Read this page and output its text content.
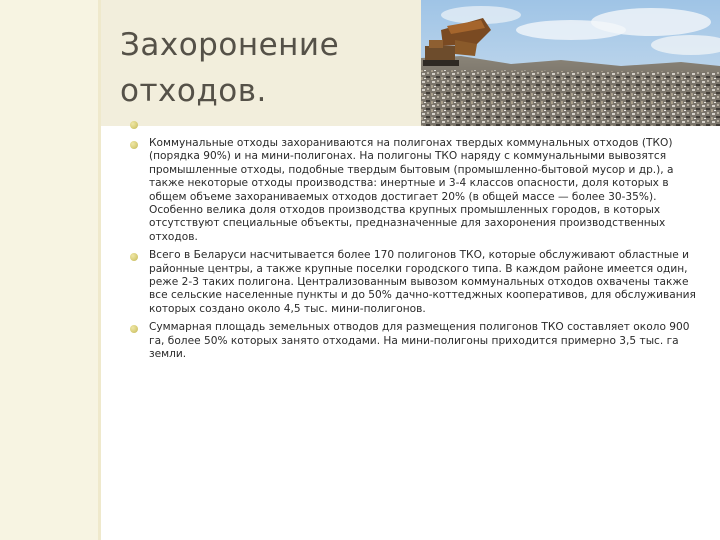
Захоронение
отходов.
Коммунальные отходы захораниваются на полигонах твердых коммунальных отходов (ТКО) (порядка 90%) и на мини-полигонах. На полигоны ТКО наряду с коммунальными вывозятся промышленные отходы, подобные твердым бытовым (промышленно-бытовой мусор и др.), а также некоторые отходы производства: инертные и 3-4 классов опасности, доля которых в общем объеме захораниваемых отходов достигает 20% (в общей массе — более 30-35%). Особенно велика доля отходов производства крупных промышленных городов, в которых отсутствуют специальные объекты, предназначенные для захоронения производственных отходов.
Всего в Беларуси насчитывается более 170 полигонов ТКО, которые обслуживают областные и районные центры, а также крупные поселки городского типа. В каждом районе имеется один, реже 2-3 таких полигона. Централизованным вывозом коммунальных отходов охвачены также все сельские населенные пункты и до 50% дачно-коттеджных кооперативов, для обслуживания которых создано около 4,5 тыс. мини-полигонов.
Суммарная площадь земельных отводов для размещения полигонов ТКО составляет около 900 га, более 50% которых занято отходами. На мини-полигоны приходится примерно 3,5 тыс. га земли.
